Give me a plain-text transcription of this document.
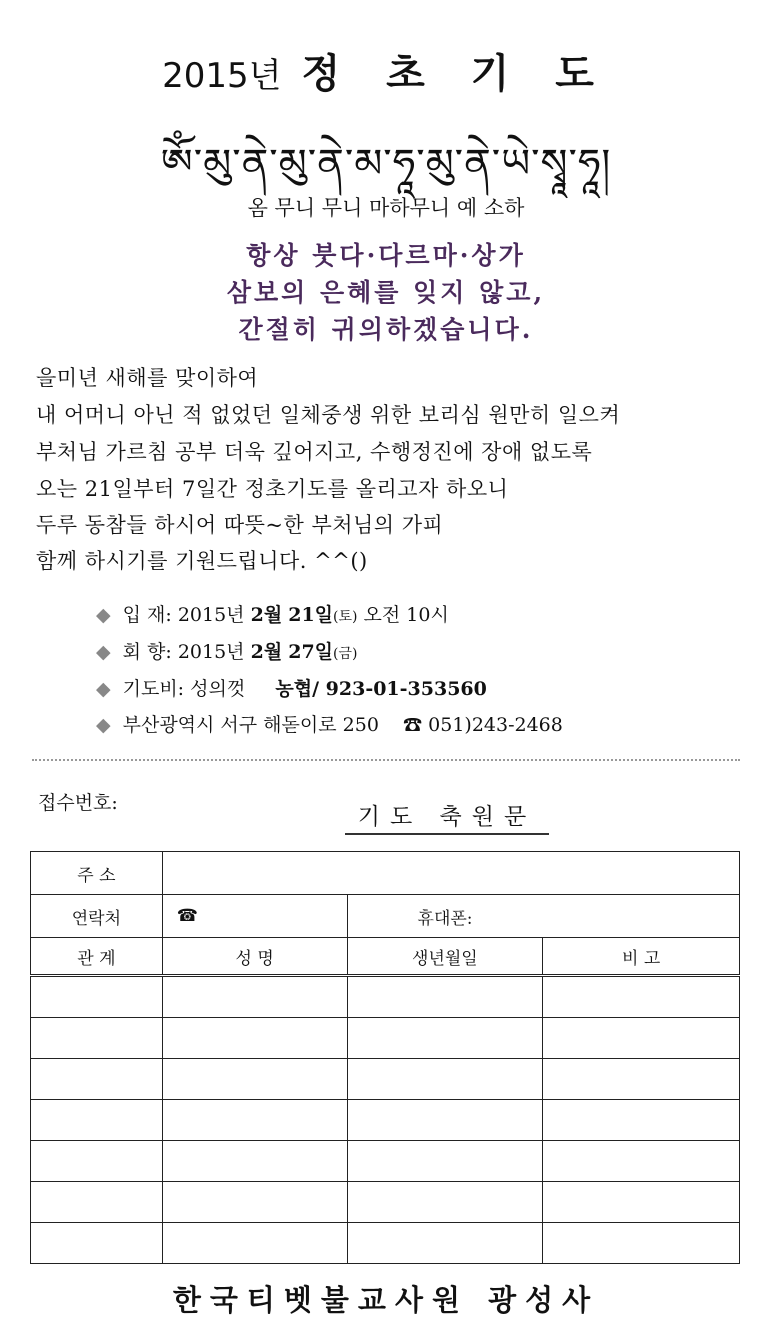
2015년 정 초 기 도
ཨོཾ་མུ་ནེ་མུ་ནེ་མ་ཧཱ་མུ་ནེ་ཡེ་སྭཱ་ཧཱ།
옴 무니 무니 마하무니 예 소하
항상 붓다·다르마·상가
삼보의 은혜를 잊지 않고,
간절히 귀의하겠습니다.
을미년 새해를 맞이하여
내 어머니 아닌 적 없었던 일체중생 위한 보리심 원만히 일으켜
부처님 가르침 공부 더욱 깊어지고, 수행정진에 장애 없도록
오는 21일부터 7일간 정초기도를 올리고자 하오니
두루 동참들 하시어 따뜻~한 부처님의 가피
함께 하시기를 기원드립니다. ^^()
◆ 입 재: 2015년 2월 21일(토) 오전 10시
◆ 회 향: 2015년 2월 27일(금)
◆ 기도비: 성의껏 농협/ 923-01-353560
◆ 부산광역시 서구 해돋이로 250 ☎ 051)243-2468
접수번호:
기도 축원문
주 소			
연락처	☎	휴대폰:	
관 계	성 명	생년월일	비 고

한국티벳불교사원 광성사
